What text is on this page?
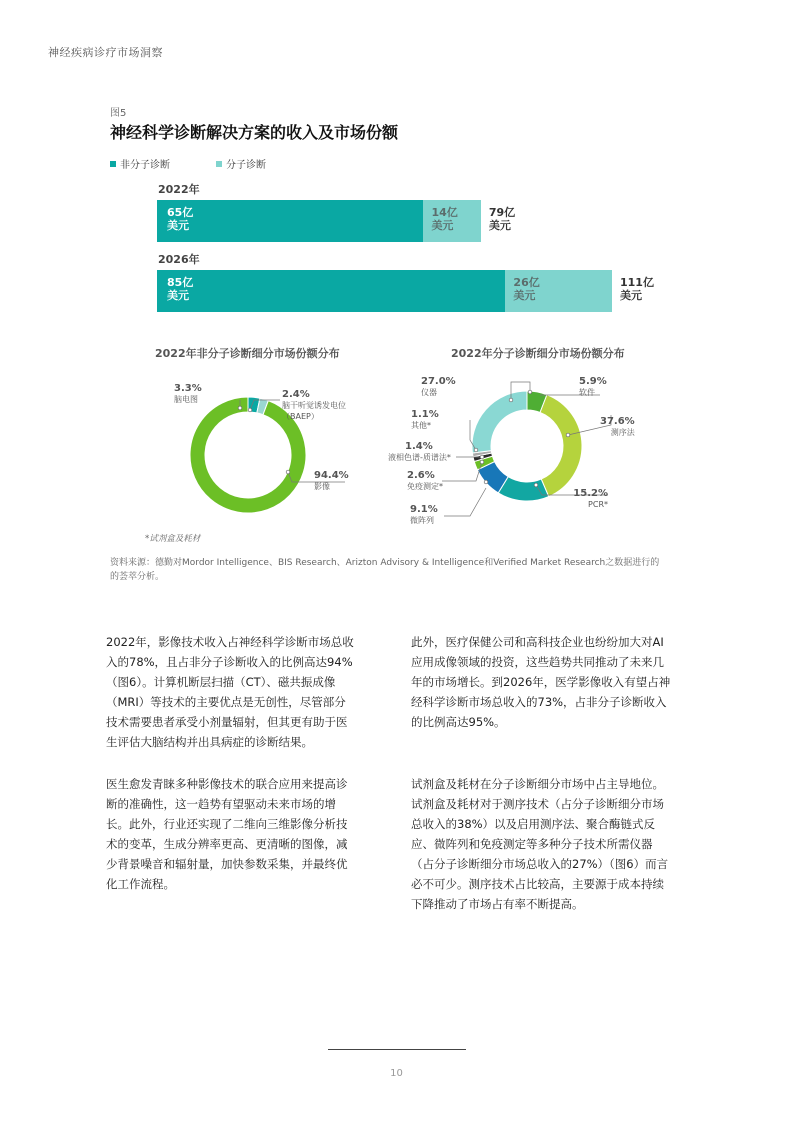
神经疾病诊疗市场洞察
图5
神经科学诊断解决方案的收入及市场份额
非分子诊断	分子诊断
2022年
65亿美元
14亿美元
79亿美元
2026年
85亿美元
26亿美元
111亿美元
2022年非分子诊断细分市场份额分布	2022年分子诊断细分市场份额分布
3.3%
脑电图	2.4%
脑干听觉诱发电位（BAEP）
94.4%
影像
27.0%
仪器
5.9%
软件
37.6%
测序法
15.2%
PCR*
1.1%
其他*
1.4%
液相色谱-质谱法*
2.6%
免疫测定*
9.1%
微阵列
*试剂盒及耗材
资料来源：德勤对Mordor Intelligence、BIS Research、Arizton Advisory & Intelligence和Verified Market Research之数据进行的的荟萃分析。

2022年，影像技术收入占神经科学诊断市场总收入的78%，且占非分子诊断收入的比例高达94%（图6）。计算机断层扫描（CT）、磁共振成像（MRI）等技术的主要优点是无创性，尽管部分技术需要患者承受小剂量辐射，但其更有助于医生评估大脑结构并出具病症的诊断结果。

医生愈发青睐多种影像技术的联合应用来提高诊断的准确性，这一趋势有望驱动未来市场的增长。此外，行业还实现了二维向三维影像分析技术的变革，生成分辨率更高、更清晰的图像，减少背景噪音和辐射量，加快参数采集，并最终优化工作流程。

此外，医疗保健公司和高科技企业也纷纷加大对AI应用成像领域的投资，这些趋势共同推动了未来几年的市场增长。到2026年，医学影像收入有望占神经科学诊断市场总收入的73%，占非分子诊断收入的比例高达95%。

试剂盒及耗材在分子诊断细分市场中占主导地位。试剂盒及耗材对于测序技术（占分子诊断细分市场总收入的38%）以及启用测序法、聚合酶链式反应、微阵列和免疫测定等多种分子技术所需仪器（占分子诊断细分市场总收入的27%）（图6）而言必不可少。测序技术占比较高，主要源于成本持续下降推动了市场占有率不断提高。

10
